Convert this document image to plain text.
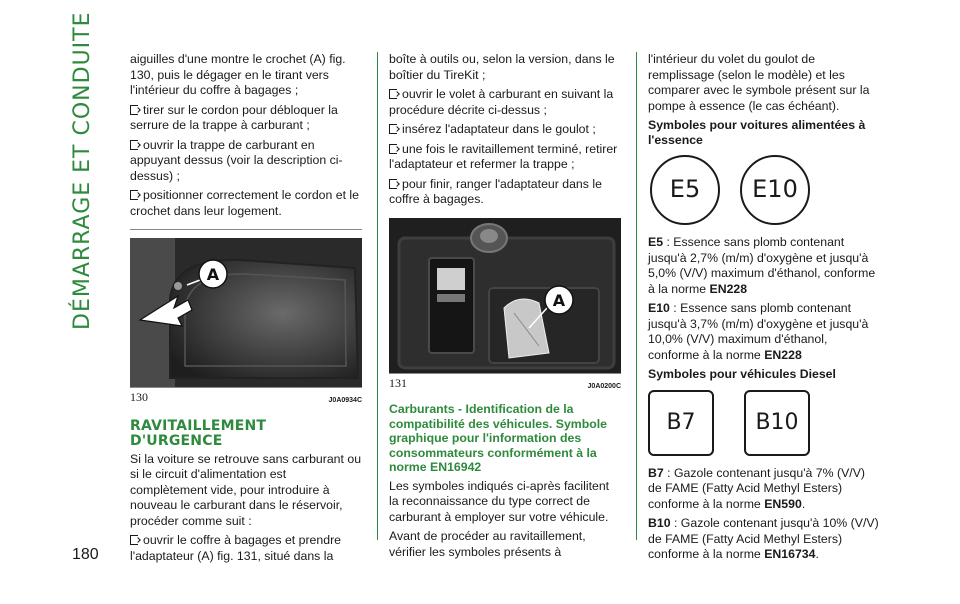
DÉMARRAGE ET CONDUITE
180

aiguilles d'une montre le crochet (A) fig. 130, puis le dégager en le tirant vers l'intérieur du coffre à bagages ;

tirer sur le cordon pour débloquer la serrure de la trappe à carburant ;

ouvrir la trappe de carburant en appuyant dessus (voir la description ci-dessus) ;

positionner correctement le cordon et le crochet dans leur logement.

A
130	J0A0934C
RAVITAILLEMENT D'URGENCE

Si la voiture se retrouve sans carburant ou si le circuit d'alimentation est complètement vide, pour introduire à nouveau le carburant dans le réservoir, procéder comme suit :

ouvrir le coffre à bagages et prendre l'adaptateur (A) fig. 131, situé dans la

boîte à outils ou, selon la version, dans le boîtier du TireKit ;

ouvrir le volet à carburant en suivant la procédure décrite ci-dessus ;

insérez l'adaptateur dans le goulot ;

une fois le ravitaillement terminé, retirer l'adaptateur et refermer la trappe ;

pour finir, ranger l'adaptateur dans le coffre à bagages.

A
131	J0A0200C
Carburants - Identification de la compatibilité des véhicules. Symbole graphique pour l'information des consommateurs conformément à la norme EN16942

Les symboles indiqués ci-après facilitent la reconnaissance du type correct de carburant à employer sur votre véhicule.

Avant de procéder au ravitaillement, vérifier les symboles présents à

l'intérieur du volet du goulot de remplissage (selon le modèle) et les comparer avec le symbole présent sur la pompe à essence (le cas échéant).

Symboles pour voitures alimentées à l'essence
E5	E10

E5 : Essence sans plomb contenant jusqu'à 2,7% (m/m) d'oxygène et jusqu'à 5,0% (V/V) maximum d'éthanol, conforme à la norme EN228

E10 : Essence sans plomb contenant jusqu'à 3,7% (m/m) d'oxygène et jusqu'à 10,0% (V/V) maximum d'éthanol, conforme à la norme EN228

Symboles pour véhicules Diesel
B7	B10

B7 : Gazole contenant jusqu'à 7% (V/V) de FAME (Fatty Acid Methyl Esters) conforme à la norme EN590.

B10 : Gazole contenant jusqu'à 10% (V/V) de FAME (Fatty Acid Methyl Esters) conforme à la norme EN16734.
